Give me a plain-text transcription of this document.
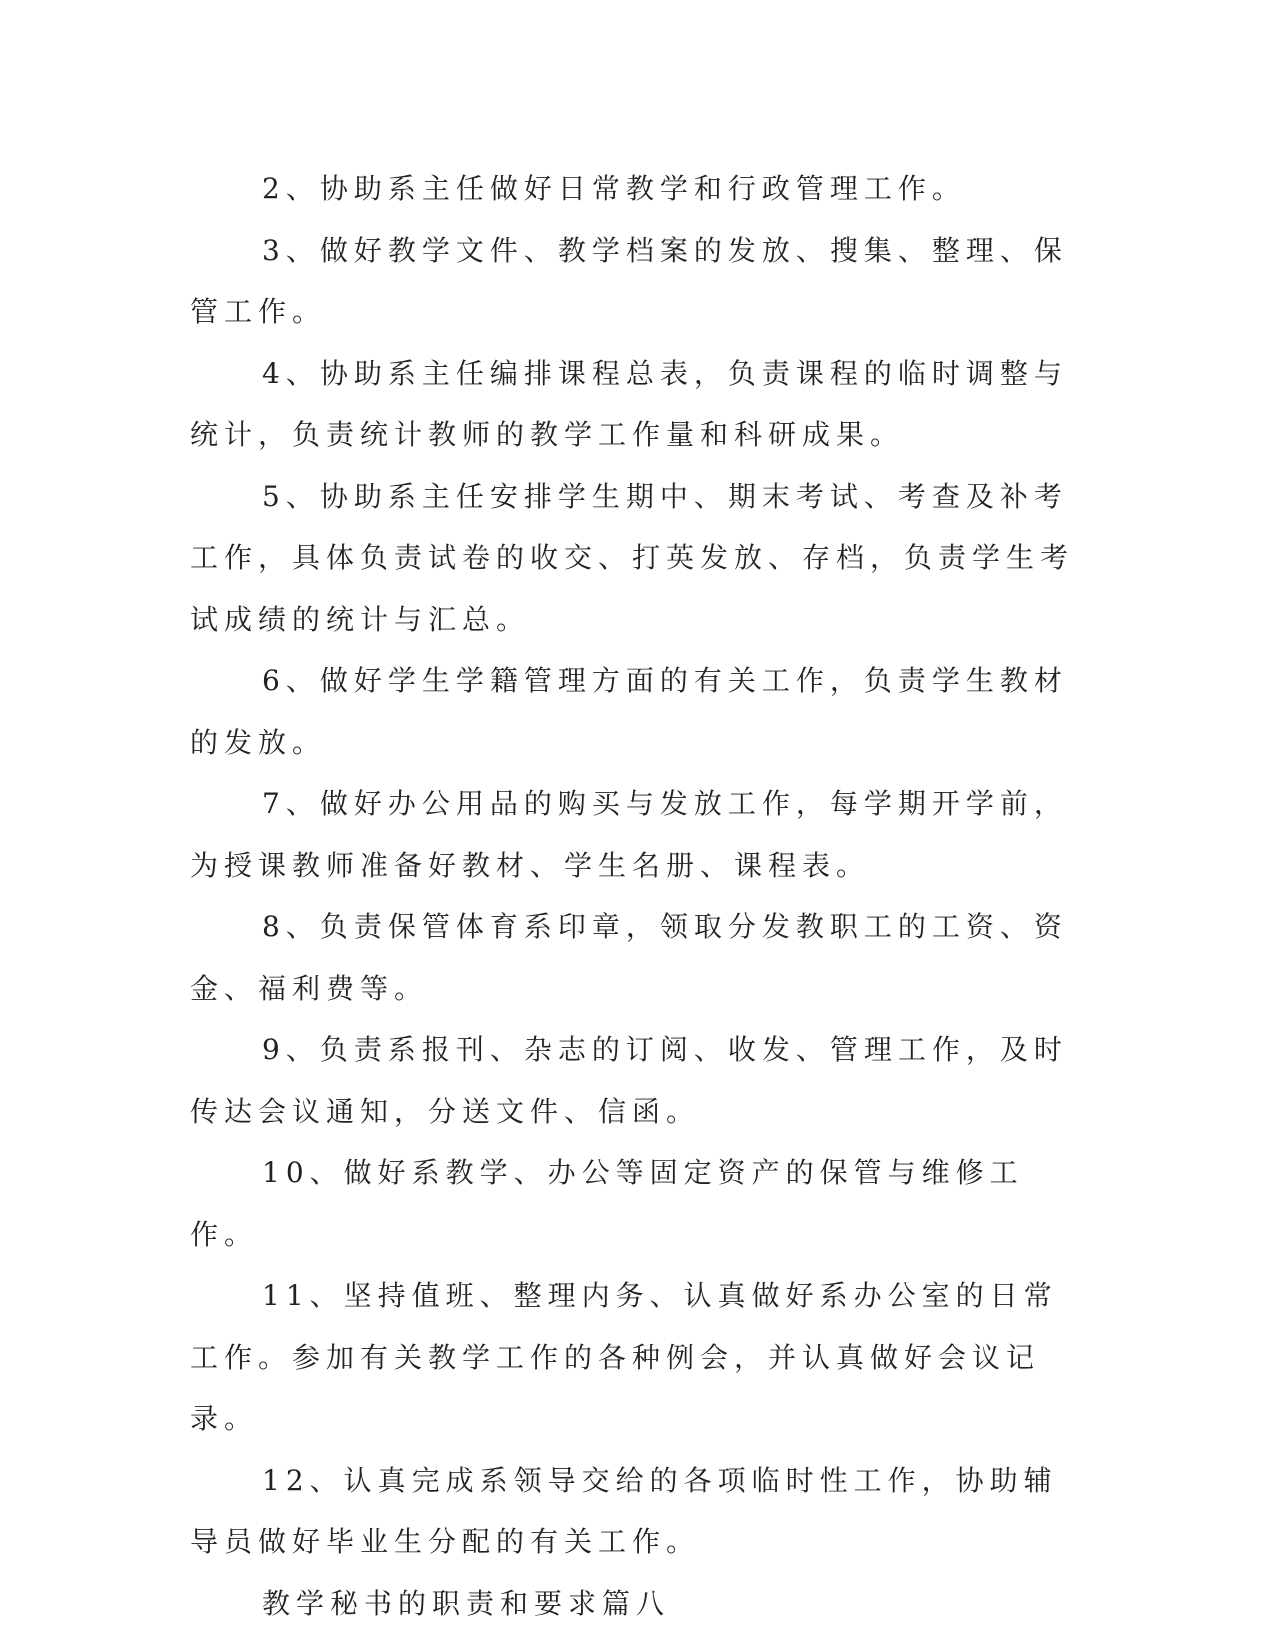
2、协助系主任做好日常教学和行政管理工作。

3、做好教学文件、教学档案的发放、搜集、整理、保管工作。

4、协助系主任编排课程总表，负责课程的临时调整与统计，负责统计教师的教学工作量和科研成果。

5、协助系主任安排学生期中、期末考试、考查及补考工作，具体负责试卷的收交、打英发放、存档，负责学生考试成绩的统计与汇总。

6、做好学生学籍管理方面的有关工作，负责学生教材的发放。

7、做好办公用品的购买与发放工作，每学期开学前，为授课教师准备好教材、学生名册、课程表。

8、负责保管体育系印章，领取分发教职工的工资、资金、福利费等。

9、负责系报刊、杂志的订阅、收发、管理工作，及时传达会议通知，分送文件、信函。

10、做好系教学、办公等固定资产的保管与维修工作。

11、坚持值班、整理内务、认真做好系办公室的日常工作。参加有关教学工作的各种例会，并认真做好会议记录。

12、认真完成系领导交给的各项临时性工作，协助辅导员做好毕业生分配的有关工作。

教学秘书的职责和要求篇八
